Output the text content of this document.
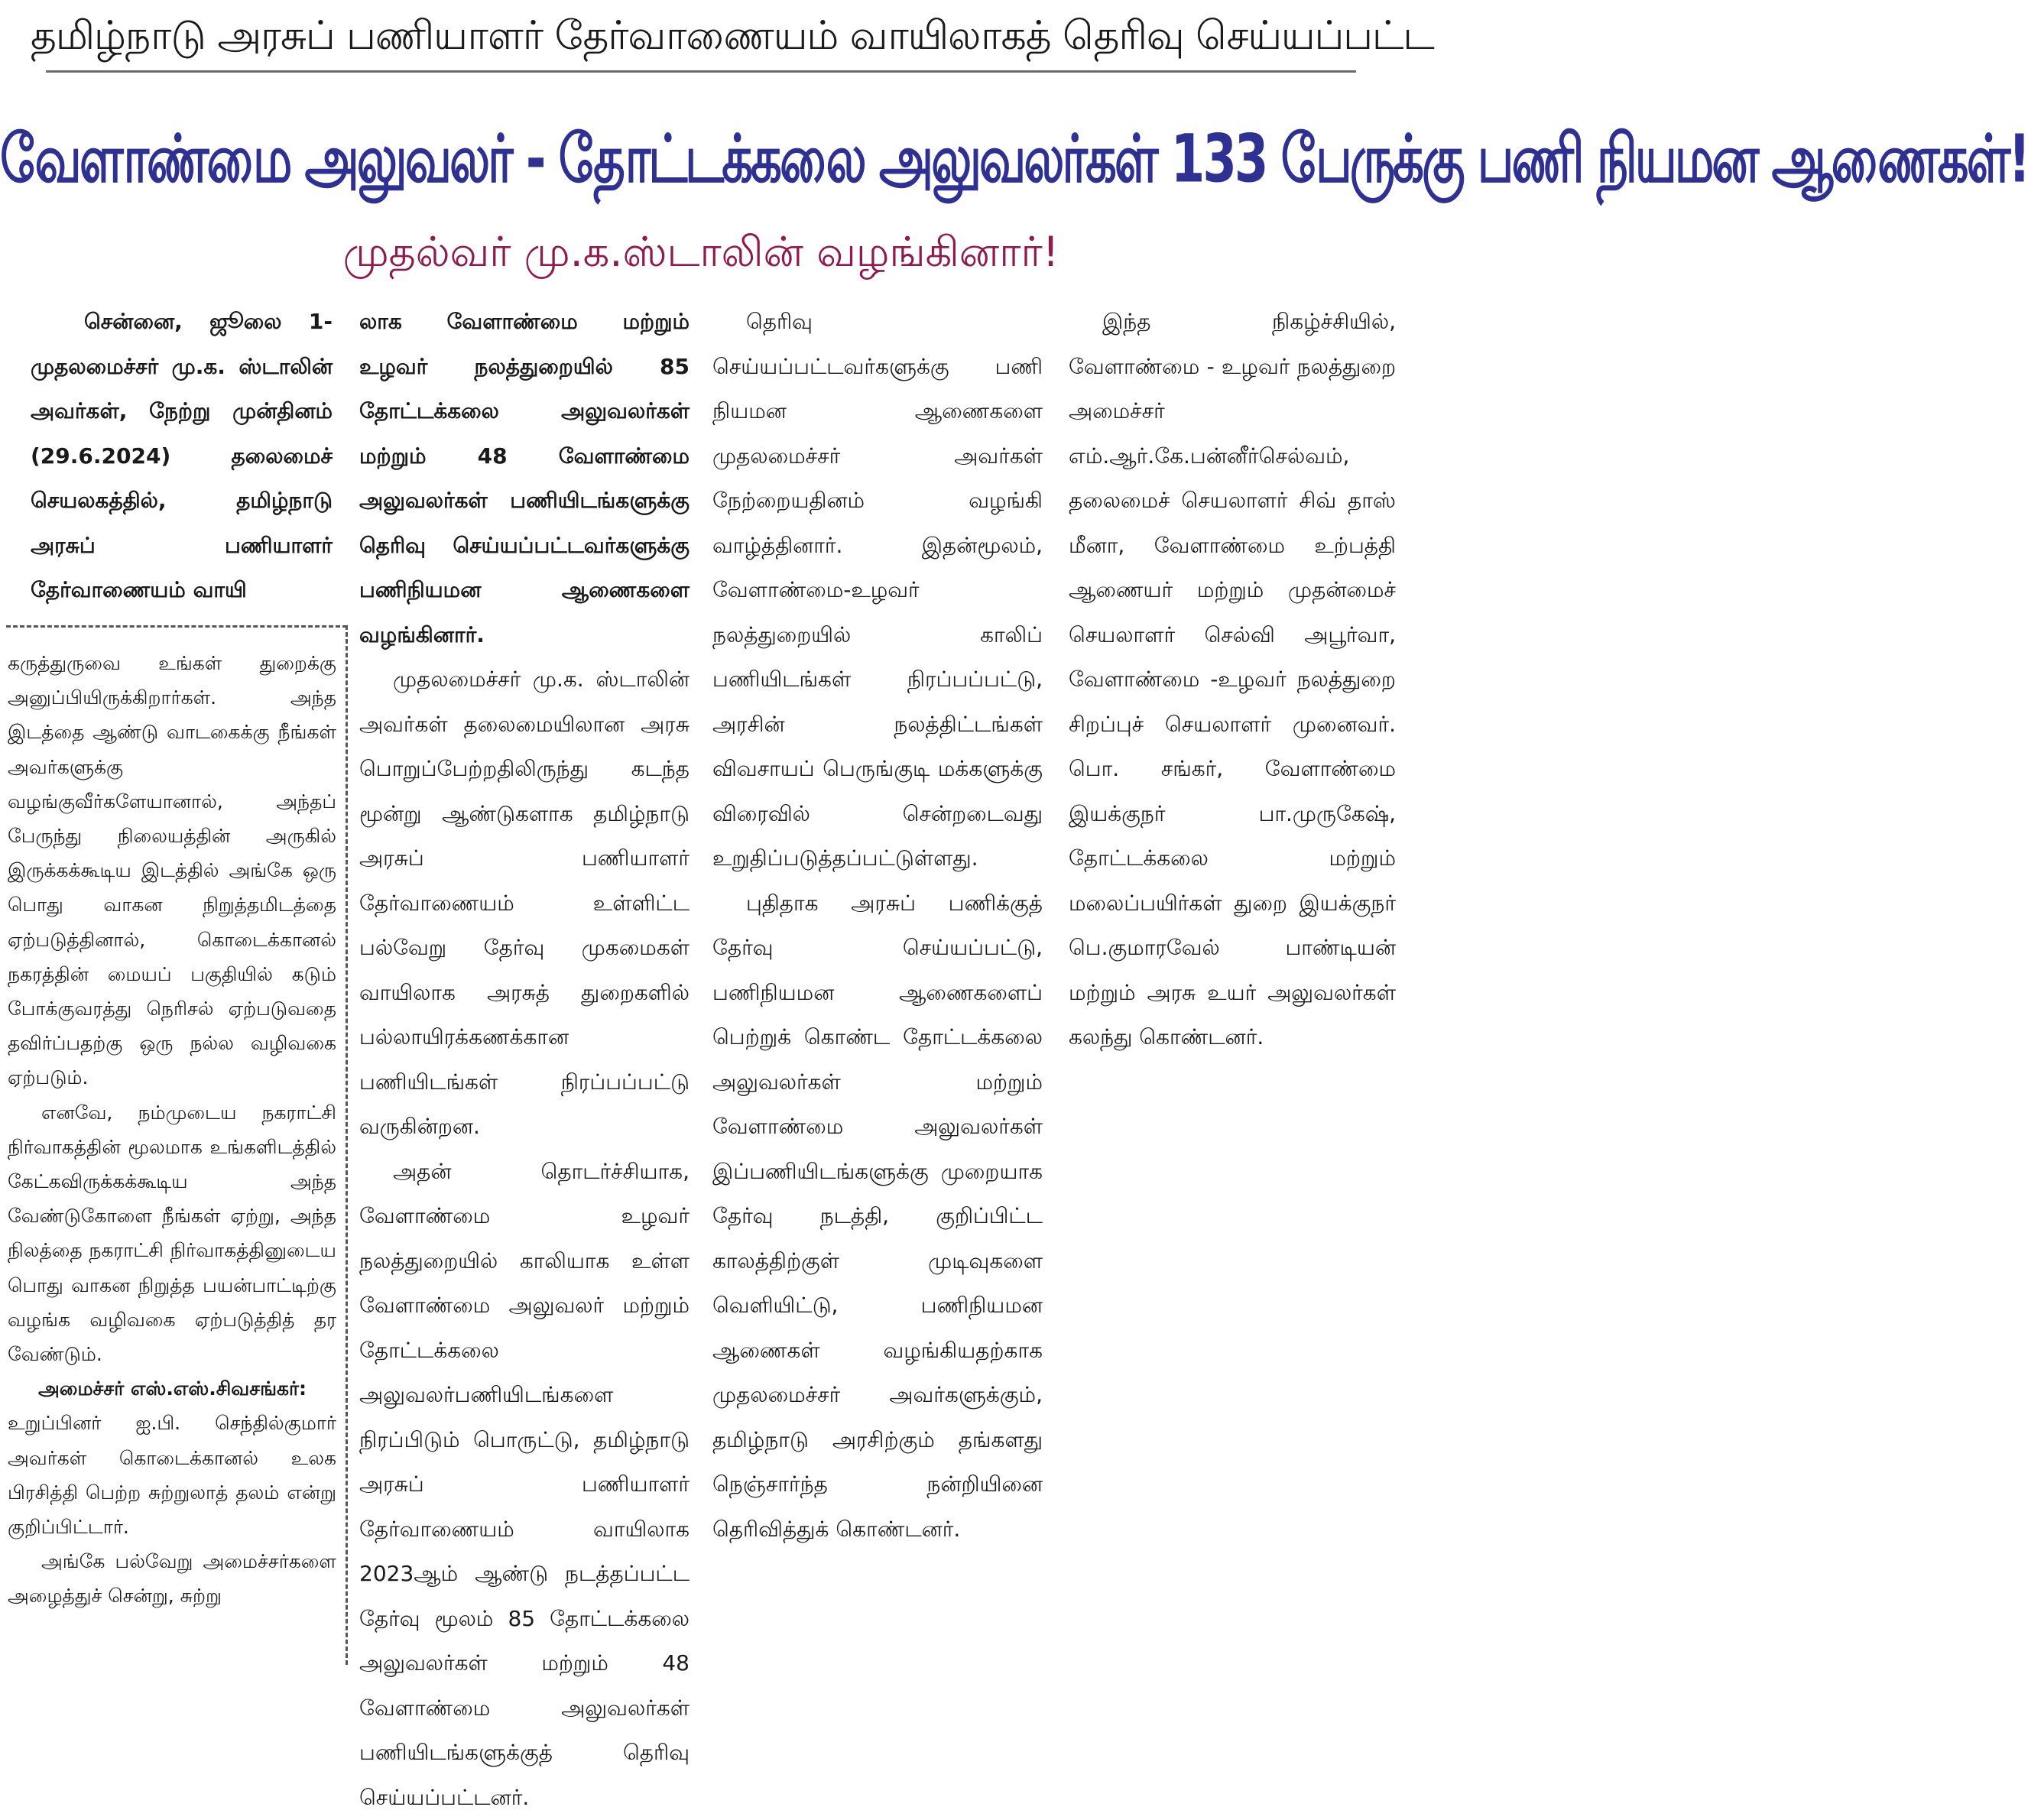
தமிழ்நாடு அரசுப் பணியாளர் தேர்வாணையம் வாயிலாகத் தெரிவு செய்யப்பட்ட
வேளாண்மை அலுவலர் - தோட்டக்கலை அலுவலர்கள் 133 பேருக்கு பணி நியமன ஆணைகள்!
முதல்வர் மு.க.ஸ்டாலின் வழங்கினார்!

சென்னை, ஜூலை 1- முதலமைச்சர் மு.க. ஸ்டாலின் அவர்கள், நேற்று முன்தினம் (29.6.2024) தலைமைச் செயலகத்தில், தமிழ்நாடு அரசுப் பணியாளர் தேர்வாணையம் வாயி

கருத்துருவை உங்கள் துறைக்கு அனுப்பியிருக்கிறார்கள். அந்த இடத்தை ஆண்டு வாடகைக்கு நீங்கள் அவர்களுக்கு வழங்குவீர்களேயானால், அந்தப் பேருந்து நிலையத்தின் அருகில் இருக்கக்கூடிய இடத்தில் அங்கே ஒரு பொது வாகன நிறுத்தமிடத்தை ஏற்படுத்தினால், கொடைக்கானல் நகரத்தின் மையப் பகுதியில் கடும் போக்குவரத்து நெரிசல் ஏற்படுவதை தவிர்ப்பதற்கு ஒரு நல்ல வழிவகை ஏற்படும்.

எனவே, நம்முடைய நகராட்சி நிர்வாகத்தின் மூலமாக உங்களிடத்தில் கேட்கவிருக்கக்கூடிய அந்த வேண்டுகோளை நீங்கள் ஏற்று, அந்த நிலத்தை நகராட்சி நிர்வாகத்தினுடைய பொது வாகன நிறுத்த பயன்பாட்டிற்கு வழங்க வழிவகை ஏற்படுத்தித் தர வேண்டும்.

அமைச்சர் எஸ்.எஸ்.சிவசங்கர்:

உறுப்பினர் ஐ.பி. செந்தில்குமார் அவர்கள் கொடைக்கானல் உலக பிரசித்தி பெற்ற சுற்றுலாத் தலம் என்று குறிப்பிட்டார்.

அங்கே பல்வேறு அமைச்சர்களை அழைத்துச் சென்று, சுற்று

லாக வேளாண்மை மற்றும் உழவர் நலத்துறையில் 85 தோட்டக்கலை அலுவலர்கள் மற்றும் 48 வேளாண்மை அலுவலர்கள் பணியிடங்களுக்கு தெரிவு செய்யப்பட்டவர்களுக்கு பணிநியமன ஆணைகளை வழங்கினார்.

முதலமைச்சர் மு.க. ஸ்டாலின் அவர்கள் தலைமையிலான அரசு பொறுப்பேற்றதிலிருந்து கடந்த மூன்று ஆண்டுகளாக தமிழ்நாடு அரசுப் பணியாளர் தேர்வாணையம் உள்ளிட்ட பல்வேறு தேர்வு முகமைகள் வாயிலாக அரசுத் துறைகளில் பல்லாயிரக்கணக்கான பணியிடங்கள் நிரப்பப்பட்டு வருகின்றன.

அதன் தொடர்ச்சியாக, வேளாண்மை உழவர் நலத்துறையில் காலியாக உள்ள வேளாண்மை அலுவலர் மற்றும் தோட்டக்கலை அலுவலர்பணியிடங்களை நிரப்பிடும் பொருட்டு, தமிழ்நாடு அரசுப் பணியாளர் தேர்வாணையம் வாயிலாக 2023ஆம் ஆண்டு நடத்தப்பட்ட தேர்வு மூலம் 85 தோட்டக்கலை அலுவலர்கள் மற்றும் 48 வேளாண்மை அலுவலர்கள் பணியிடங்களுக்குத் தெரிவு செய்யப்பட்டனர்.

தெரிவு செய்யப்பட்டவர்களுக்கு பணி நியமன ஆணைகளை முதலமைச்சர் அவர்கள் நேற்றையதினம் வழங்கி வாழ்த்தினார். இதன்மூலம், வேளாண்மை-உழவர் நலத்துறையில் காலிப் பணியிடங்கள் நிரப்பப்பட்டு, அரசின் நலத்திட்டங்கள் விவசாயப் பெருங்குடி மக்களுக்கு விரைவில் சென்றடைவது உறுதிப்படுத்தப்பட்டுள்ளது.

புதிதாக அரசுப் பணிக்குத் தேர்வு செய்யப்பட்டு, பணிநியமன ஆணைகளைப் பெற்றுக் கொண்ட தோட்டக்கலை அலுவலர்கள் மற்றும் வேளாண்மை அலுவலர்கள் இப்பணியிடங்களுக்கு முறையாக தேர்வு நடத்தி, குறிப்பிட்ட காலத்திற்குள் முடிவுகளை வெளியிட்டு, பணிநியமன ஆணைகள் வழங்கியதற்காக முதலமைச்சர் அவர்களுக்கும், தமிழ்நாடு அரசிற்கும் தங்களது நெஞ்சார்ந்த நன்றியினை தெரிவித்துக் கொண்டனர்.

இந்த நிகழ்ச்சியில், வேளாண்மை - உழவர் நலத்துறை அமைச்சர் எம்.ஆர்.கே.பன்னீர்செல்வம், தலைமைச் செயலாளர் சிவ் தாஸ் மீனா, வேளாண்மை உற்பத்தி ஆணையர் மற்றும் முதன்மைச் செயலாளர் செல்வி அபூர்வா, வேளாண்மை -உழவர் நலத்துறை சிறப்புச் செயலாளர் முனைவர். பொ. சங்கர், வேளாண்மை இயக்குநர் பா.முருகேஷ், தோட்டக்கலை மற்றும் மலைப்பயிர்கள் துறை இயக்குநர் பெ.குமாரவேல் பாண்டியன் மற்றும் அரசு உயர் அலுவலர்கள் கலந்து கொண்டனர்.
